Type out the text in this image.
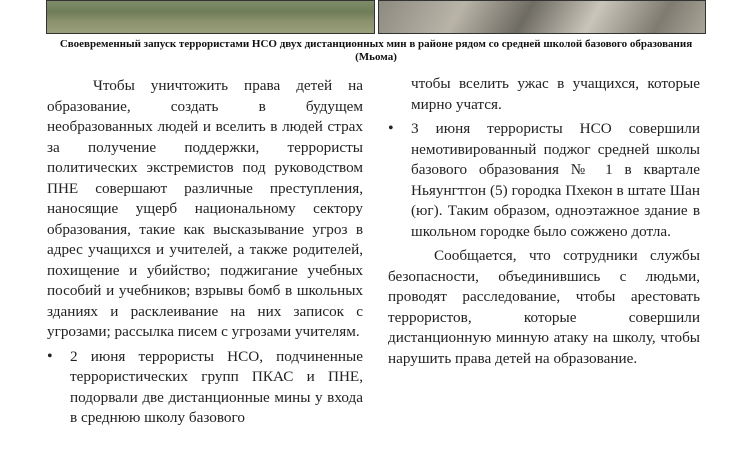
Своевременный запуск террористами НСО двух дистанционных мин в районе рядом со средней школой базового образования (Мьома)

Чтобы уничтожить права детей на образование, создать в будущем необразованных людей и вселить в людей страх за получение поддержки, террористы политических экстремистов под руководством ПНЕ совершают различные преступления, наносящие ущерб национальному сектору образования, такие как высказывание угроз в адрес учащихся и учителей, а также родителей, похищение и убийство; поджигание учебных пособий и учебников; взрывы бомб в школьных зданиях и расклеивание на них записок с угрозами; рассылка писем с угрозами учителям.

• 2 июня террористы НСО, подчиненные террористических групп ПКАС и ПНЕ, подорвали две дистанционные мины у входа в среднюю школу базового

чтобы вселить ужас в учащихся, которые мирно учатся.

• 3 июня террористы НСО совершили немотивированный поджог средней школы базового образования № 1 в квартале Ньяунгтгон (5) городка Пхекон в штате Шан (юг). Таким образом, одноэтажное здание в школьном городке было сожжено дотла.

Сообщается, что сотрудники службы безопасности, объединившись с людьми, проводят расследование, чтобы арестовать террористов, которые совершили дистанционную минную атаку на школу, чтобы нарушить права детей на образование.
